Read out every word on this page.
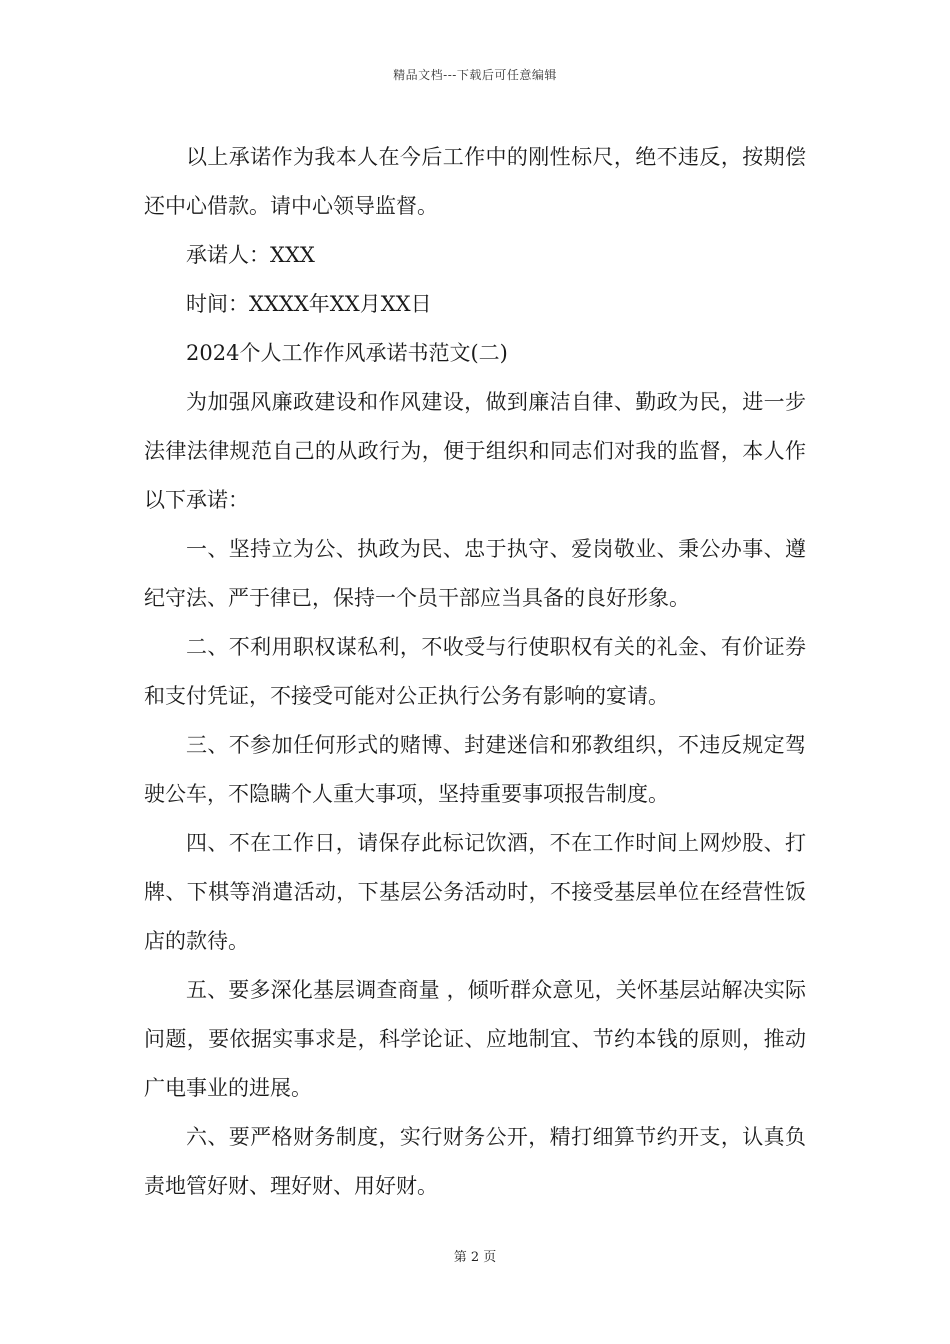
精品文档---下载后可任意编辑

以上承诺作为我本人在今后工作中的刚性标尺，绝不违反，按期偿还中心借款。请中心领导监督。

承诺人：XXX

时间：XXXX年XX月XX日

2024个人工作作风承诺书范文(二)

为加强风廉政建设和作风建设，做到廉洁自律、勤政为民，进一步法律法律规范自己的从政行为，便于组织和同志们对我的监督，本人作以下承诺：

一、坚持立为公、执政为民、忠于执守、爱岗敬业、秉公办事、遵纪守法、严于律已，保持一个员干部应当具备的良好形象。

二、不利用职权谋私利，不收受与行使职权有关的礼金、有价证券和支付凭证，不接受可能对公正执行公务有影响的宴请。

三、不参加任何形式的赌博、封建迷信和邪教组织，不违反规定驾驶公车，不隐瞒个人重大事项，坚持重要事项报告制度。

四、不在工作日，请保存此标记饮酒，不在工作时间上网炒股、打牌、下棋等消遣活动，下基层公务活动时，不接受基层单位在经营性饭店的款待。

五、要多深化基层调查商量 ，倾听群众意见，关怀基层站解决实际问题，要依据实事求是，科学论证、应地制宜、节约本钱的原则，推动广电事业的进展。

六、要严格财务制度，实行财务公开，精打细算节约开支，认真负责地管好财、理好财、用好财。

第 2 页
